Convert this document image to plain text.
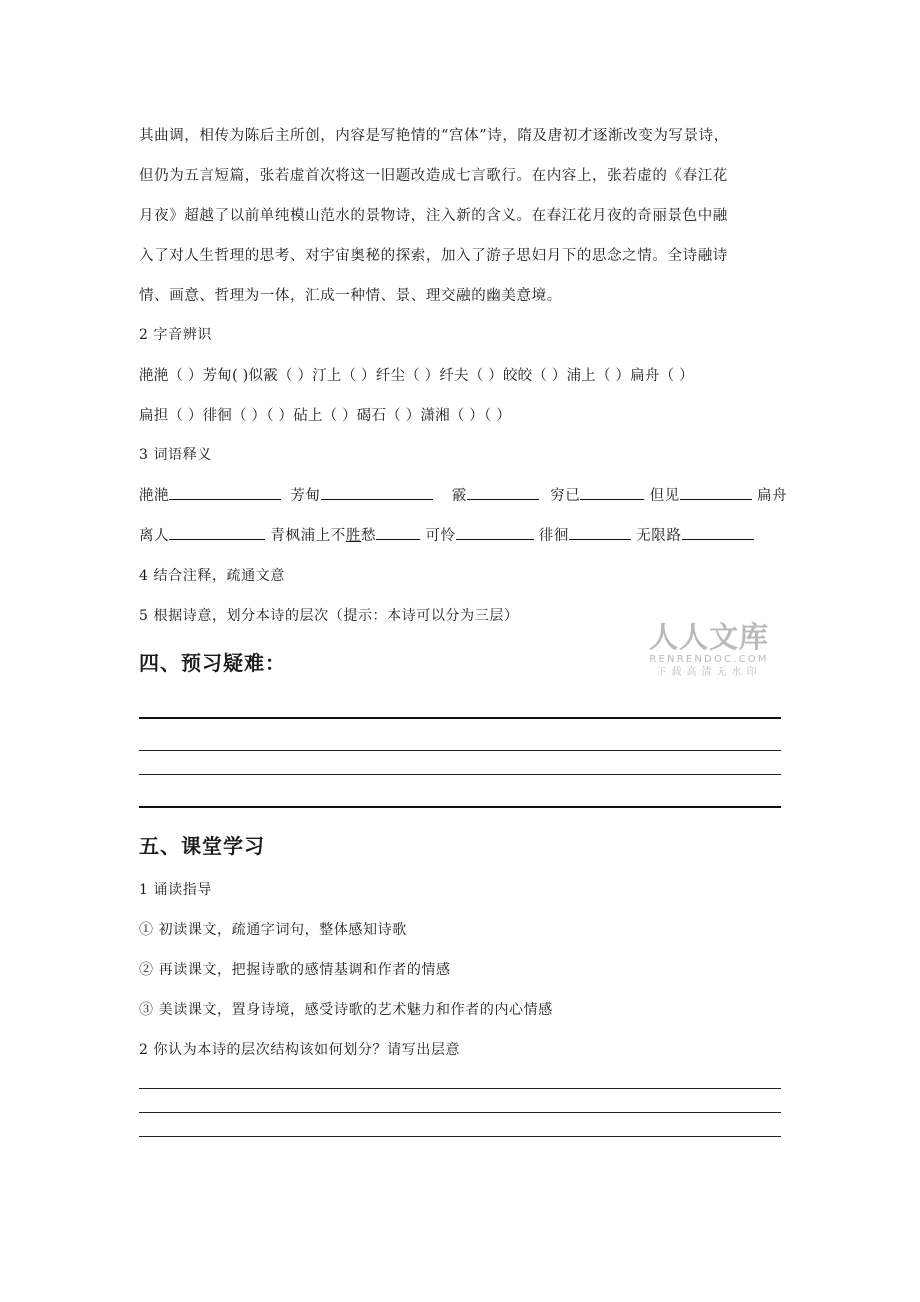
其曲调，相传为陈后主所创，内容是写艳情的“宫体”诗，隋及唐初才逐渐改变为写景诗，
但仍为五言短篇，张若虚首次将这一旧题改造成七言歌行。在内容上，张若虚的《春江花
月夜》超越了以前单纯模山范水的景物诗，注入新的含义。在春江花月夜的奇丽景色中融
入了对人生哲理的思考、对宇宙奥秘的探索，加入了游子思妇月下的思念之情。全诗融诗
情、画意、哲理为一体，汇成一种情、景、理交融的幽美意境。
2 字音辨识
滟滟（ ）芳甸( )似霰（ ）汀上（ ）纤尘（ ）纤夫（ ）皎皎（ ）浦上（ ）扁舟（ ）
扁担（ ）徘徊（ ）（ ）砧上（ ）碣石（ ）潇湘（ ）（ ）
3 词语释义
滟滟	芳甸	霰	穷已	但见	扁舟
离人	青枫浦上不胜愁	可怜	徘徊	无限路
4 结合注释，疏通文意
5 根据诗意，划分本诗的层次（提示：本诗可以分为三层）
四、预习疑难：
五、课堂学习
1 诵读指导
① 初读课文，疏通字词句，整体感知诗歌
② 再读课文，把握诗歌的感情基调和作者的情感
③ 美读课文，置身诗境，感受诗歌的艺术魅力和作者的内心情感
2 你认为本诗的层次结构该如何划分？请写出层意
人人文库
RENRENDOC.COM
下载高清无水印
